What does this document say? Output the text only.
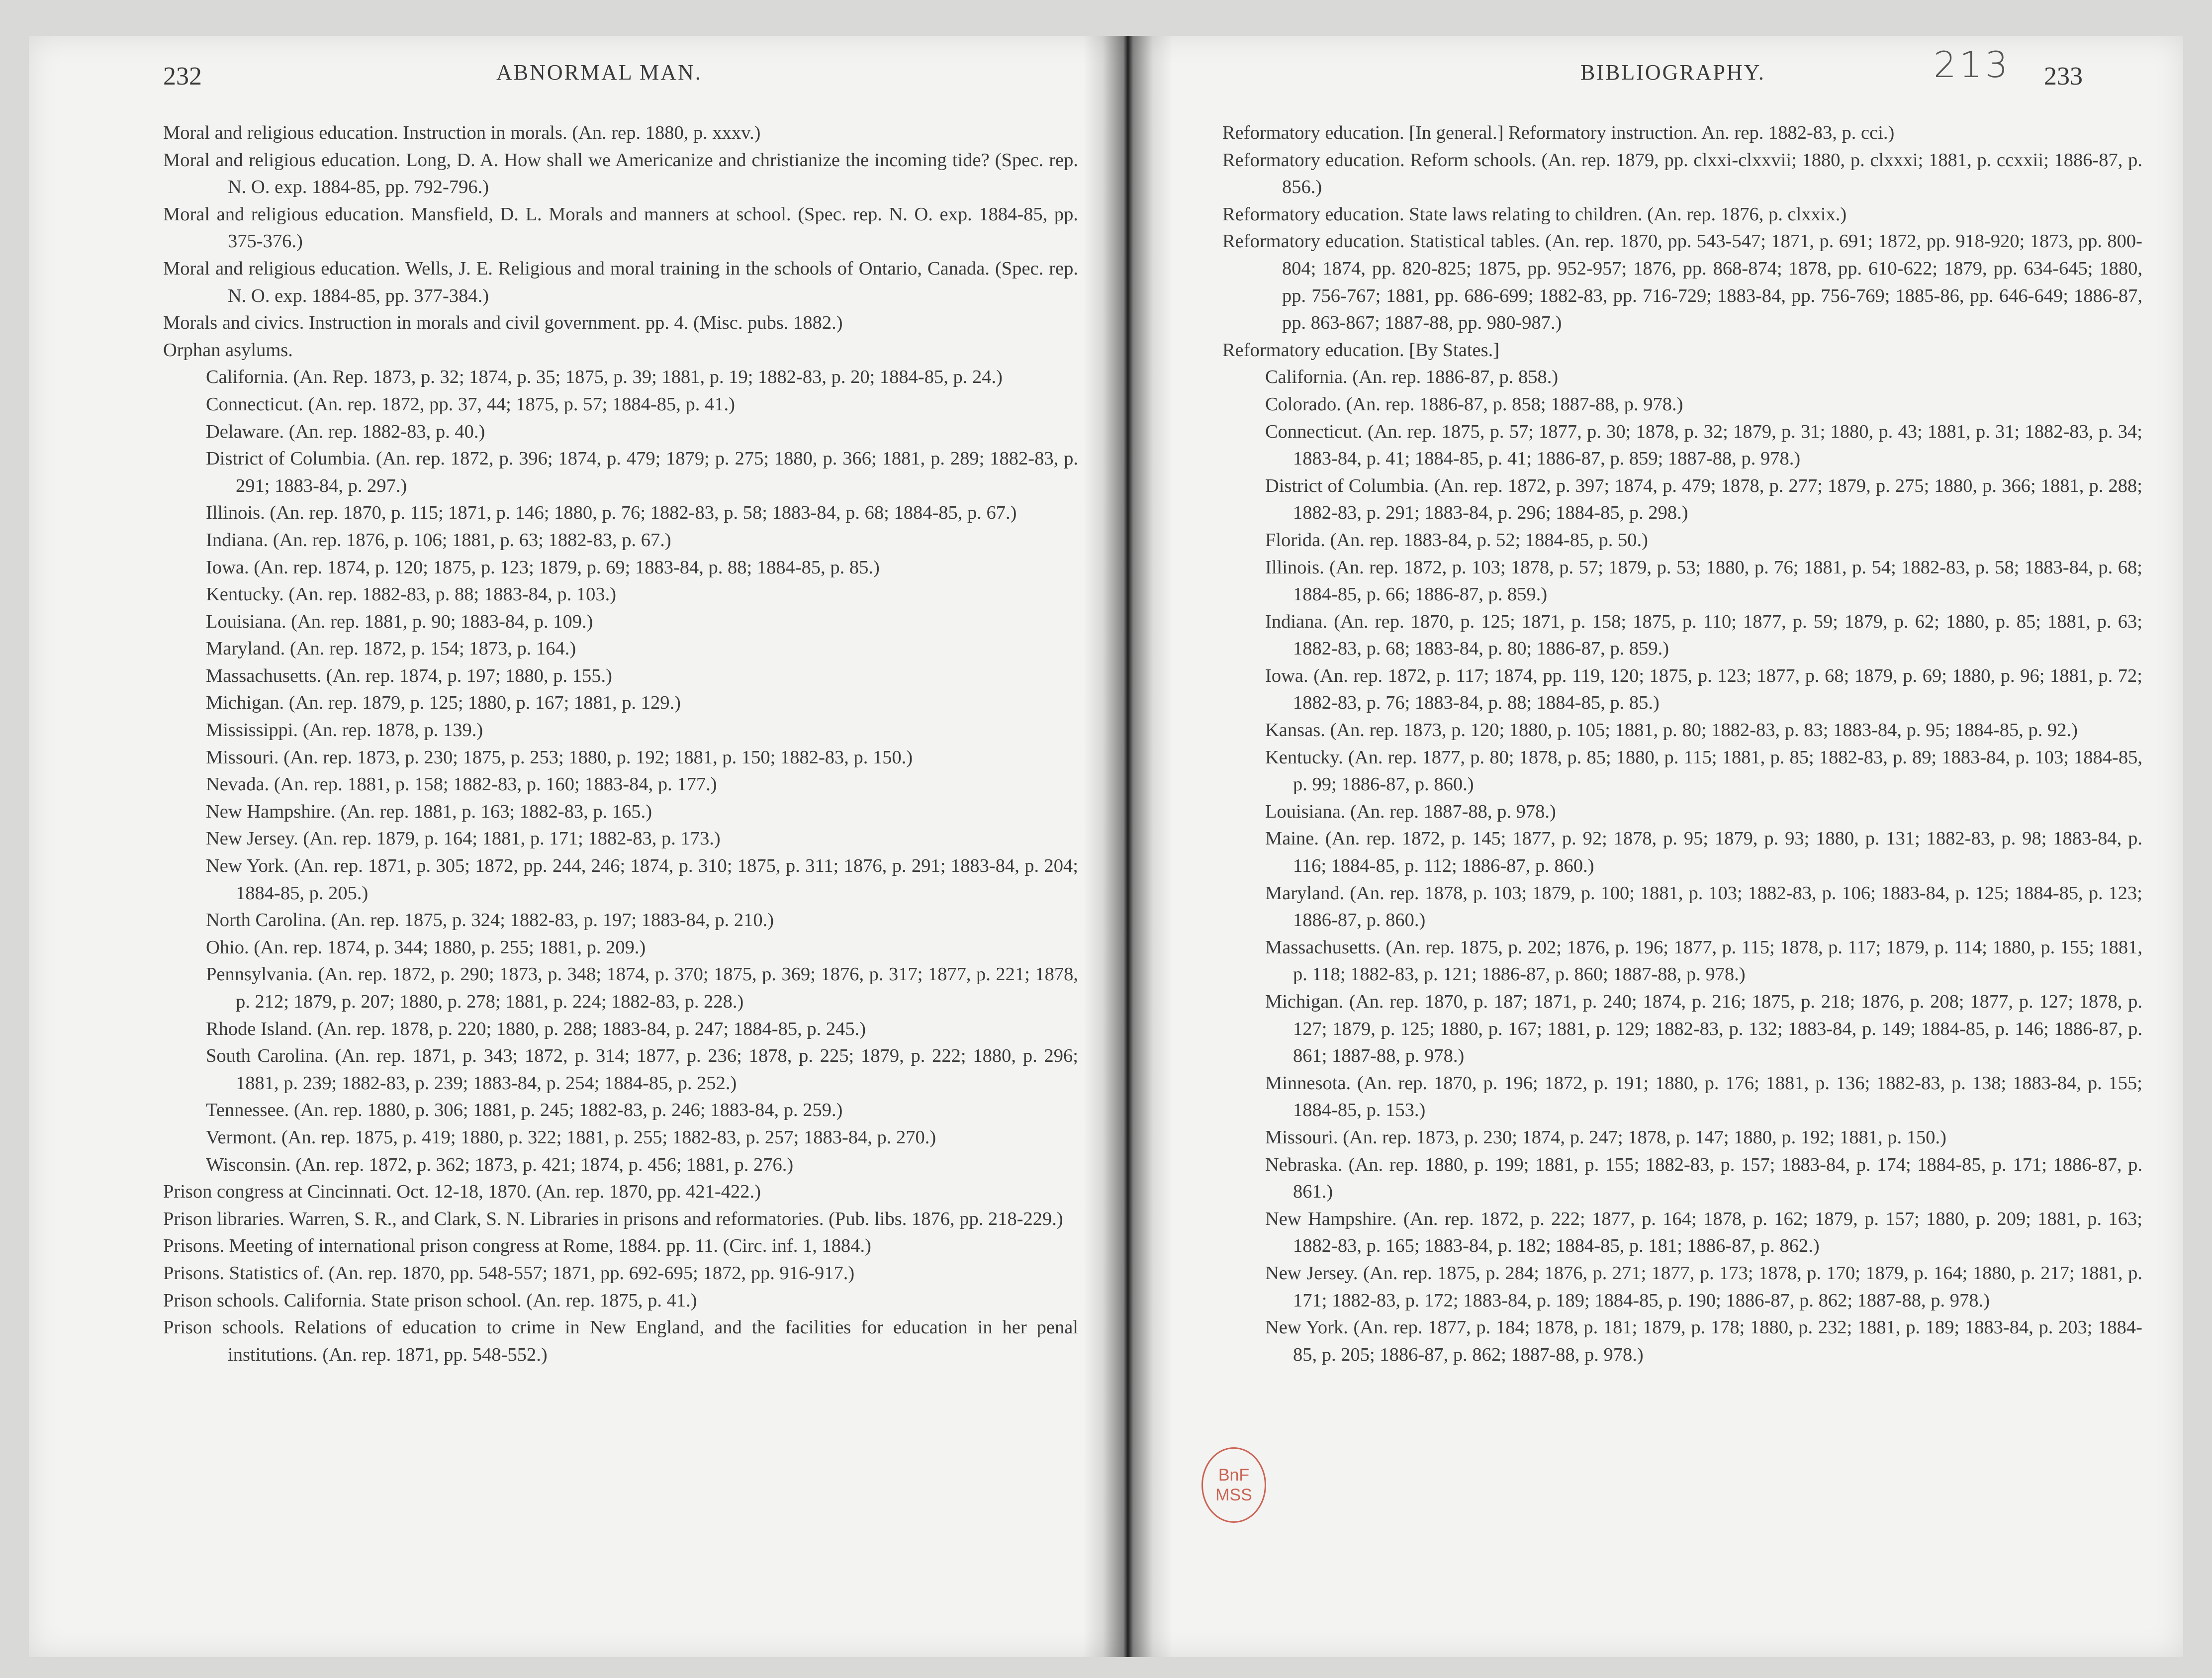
232	ABNORMAL MAN.
Moral and religious education. Instruction in morals. (An. rep. 1880, p. xxxv.)
Moral and religious education. Long, D. A. How shall we Americanize and christianize the incoming tide? (Spec. rep. N. O. exp. 1884-85, pp. 792-796.)
Moral and religious education. Mansfield, D. L. Morals and manners at school. (Spec. rep. N. O. exp. 1884-85, pp. 375-376.)
Moral and religious education. Wells, J. E. Religious and moral training in the schools of Ontario, Canada. (Spec. rep. N. O. exp. 1884-85, pp. 377-384.)
Morals and civics. Instruction in morals and civil government. pp. 4. (Misc. pubs. 1882.)
Orphan asylums.
California. (An. Rep. 1873, p. 32; 1874, p. 35; 1875, p. 39; 1881, p. 19; 1882-83, p. 20; 1884-85, p. 24.)
Connecticut. (An. rep. 1872, pp. 37, 44; 1875, p. 57; 1884-85, p. 41.)
Delaware. (An. rep. 1882-83, p. 40.)
District of Columbia. (An. rep. 1872, p. 396; 1874, p. 479; 1879; p. 275; 1880, p. 366; 1881, p. 289; 1882-83, p. 291; 1883-84, p. 297.)
Illinois. (An. rep. 1870, p. 115; 1871, p. 146; 1880, p. 76; 1882-83, p. 58; 1883-84, p. 68; 1884-85, p. 67.)
Indiana. (An. rep. 1876, p. 106; 1881, p. 63; 1882-83, p. 67.)
Iowa. (An. rep. 1874, p. 120; 1875, p. 123; 1879, p. 69; 1883-84, p. 88; 1884-85, p. 85.)
Kentucky. (An. rep. 1882-83, p. 88; 1883-84, p. 103.)
Louisiana. (An. rep. 1881, p. 90; 1883-84, p. 109.)
Maryland. (An. rep. 1872, p. 154; 1873, p. 164.)
Massachusetts. (An. rep. 1874, p. 197; 1880, p. 155.)
Michigan. (An. rep. 1879, p. 125; 1880, p. 167; 1881, p. 129.)
Mississippi. (An. rep. 1878, p. 139.)
Missouri. (An. rep. 1873, p. 230; 1875, p. 253; 1880, p. 192; 1881, p. 150; 1882-83, p. 150.)
Nevada. (An. rep. 1881, p. 158; 1882-83, p. 160; 1883-84, p. 177.)
New Hampshire. (An. rep. 1881, p. 163; 1882-83, p. 165.)
New Jersey. (An. rep. 1879, p. 164; 1881, p. 171; 1882-83, p. 173.)
New York. (An. rep. 1871, p. 305; 1872, pp. 244, 246; 1874, p. 310; 1875, p. 311; 1876, p. 291; 1883-84, p. 204; 1884-85, p. 205.)
North Carolina. (An. rep. 1875, p. 324; 1882-83, p. 197; 1883-84, p. 210.)
Ohio. (An. rep. 1874, p. 344; 1880, p. 255; 1881, p. 209.)
Pennsylvania. (An. rep. 1872, p. 290; 1873, p. 348; 1874, p. 370; 1875, p. 369; 1876, p. 317; 1877, p. 221; 1878, p. 212; 1879, p. 207; 1880, p. 278; 1881, p. 224; 1882-83, p. 228.)
Rhode Island. (An. rep. 1878, p. 220; 1880, p. 288; 1883-84, p. 247; 1884-85, p. 245.)
South Carolina. (An. rep. 1871, p. 343; 1872, p. 314; 1877, p. 236; 1878, p. 225; 1879, p. 222; 1880, p. 296; 1881, p. 239; 1882-83, p. 239; 1883-84, p. 254; 1884-85, p. 252.)
Tennessee. (An. rep. 1880, p. 306; 1881, p. 245; 1882-83, p. 246; 1883-84, p. 259.)
Vermont. (An. rep. 1875, p. 419; 1880, p. 322; 1881, p. 255; 1882-83, p. 257; 1883-84, p. 270.)
Wisconsin. (An. rep. 1872, p. 362; 1873, p. 421; 1874, p. 456; 1881, p. 276.)
Prison congress at Cincinnati. Oct. 12-18, 1870. (An. rep. 1870, pp. 421-422.)
Prison libraries. Warren, S. R., and Clark, S. N. Libraries in prisons and reformatories. (Pub. libs. 1876, pp. 218-229.)
Prisons. Meeting of international prison congress at Rome, 1884. pp. 11. (Circ. inf. 1, 1884.)
Prisons. Statistics of. (An. rep. 1870, pp. 548-557; 1871, pp. 692-695; 1872, pp. 916-917.)
Prison schools. California. State prison school. (An. rep. 1875, p. 41.)
Prison schools. Relations of education to crime in New England, and the facilities for education in her penal institutions. (An. rep. 1871, pp. 548-552.)
BIBLIOGRAPHY.	213 233
Reformatory education. [In general.] Reformatory instruction. An. rep. 1882-83, p. cci.)
Reformatory education. Reform schools. (An. rep. 1879, pp. clxxi-clxxvii; 1880, p. clxxxi; 1881, p. ccxxii; 1886-87, p. 856.)
Reformatory education. State laws relating to children. (An. rep. 1876, p. clxxix.)
Reformatory education. Statistical tables. (An. rep. 1870, pp. 543-547; 1871, p. 691; 1872, pp. 918-920; 1873, pp. 800-804; 1874, pp. 820-825; 1875, pp. 952-957; 1876, pp. 868-874; 1878, pp. 610-622; 1879, pp. 634-645; 1880, pp. 756-767; 1881, pp. 686-699; 1882-83, pp. 716-729; 1883-84, pp. 756-769; 1885-86, pp. 646-649; 1886-87, pp. 863-867; 1887-88, pp. 980-987.)
Reformatory education. [By States.]
California. (An. rep. 1886-87, p. 858.)
Colorado. (An. rep. 1886-87, p. 858; 1887-88, p. 978.)
Connecticut. (An. rep. 1875, p. 57; 1877, p. 30; 1878, p. 32; 1879, p. 31; 1880, p. 43; 1881, p. 31; 1882-83, p. 34; 1883-84, p. 41; 1884-85, p. 41; 1886-87, p. 859; 1887-88, p. 978.)
District of Columbia. (An. rep. 1872, p. 397; 1874, p. 479; 1878, p. 277; 1879, p. 275; 1880, p. 366; 1881, p. 288; 1882-83, p. 291; 1883-84, p. 296; 1884-85, p. 298.)
Florida. (An. rep. 1883-84, p. 52; 1884-85, p. 50.)
Illinois. (An. rep. 1872, p. 103; 1878, p. 57; 1879, p. 53; 1880, p. 76; 1881, p. 54; 1882-83, p. 58; 1883-84, p. 68; 1884-85, p. 66; 1886-87, p. 859.)
Indiana. (An. rep. 1870, p. 125; 1871, p. 158; 1875, p. 110; 1877, p. 59; 1879, p. 62; 1880, p. 85; 1881, p. 63; 1882-83, p. 68; 1883-84, p. 80; 1886-87, p. 859.)
Iowa. (An. rep. 1872, p. 117; 1874, pp. 119, 120; 1875, p. 123; 1877, p. 68; 1879, p. 69; 1880, p. 96; 1881, p. 72; 1882-83, p. 76; 1883-84, p. 88; 1884-85, p. 85.)
Kansas. (An. rep. 1873, p. 120; 1880, p. 105; 1881, p. 80; 1882-83, p. 83; 1883-84, p. 95; 1884-85, p. 92.)
Kentucky. (An. rep. 1877, p. 80; 1878, p. 85; 1880, p. 115; 1881, p. 85; 1882-83, p. 89; 1883-84, p. 103; 1884-85, p. 99; 1886-87, p. 860.)
Louisiana. (An. rep. 1887-88, p. 978.)
Maine. (An. rep. 1872, p. 145; 1877, p. 92; 1878, p. 95; 1879, p. 93; 1880, p. 131; 1882-83, p. 98; 1883-84, p. 116; 1884-85, p. 112; 1886-87, p. 860.)
Maryland. (An. rep. 1878, p. 103; 1879, p. 100; 1881, p. 103; 1882-83, p. 106; 1883-84, p. 125; 1884-85, p. 123; 1886-87, p. 860.)
Massachusetts. (An. rep. 1875, p. 202; 1876, p. 196; 1877, p. 115; 1878, p. 117; 1879, p. 114; 1880, p. 155; 1881, p. 118; 1882-83, p. 121; 1886-87, p. 860; 1887-88, p. 978.)
Michigan. (An. rep. 1870, p. 187; 1871, p. 240; 1874, p. 216; 1875, p. 218; 1876, p. 208; 1877, p. 127; 1878, p. 127; 1879, p. 125; 1880, p. 167; 1881, p. 129; 1882-83, p. 132; 1883-84, p. 149; 1884-85, p. 146; 1886-87, p. 861; 1887-88, p. 978.)
Minnesota. (An. rep. 1870, p. 196; 1872, p. 191; 1880, p. 176; 1881, p. 136; 1882-83, p. 138; 1883-84, p. 155; 1884-85, p. 153.)
Missouri. (An. rep. 1873, p. 230; 1874, p. 247; 1878, p. 147; 1880, p. 192; 1881, p. 150.)
Nebraska. (An. rep. 1880, p. 199; 1881, p. 155; 1882-83, p. 157; 1883-84, p. 174; 1884-85, p. 171; 1886-87, p. 861.)
New Hampshire. (An. rep. 1872, p. 222; 1877, p. 164; 1878, p. 162; 1879, p. 157; 1880, p. 209; 1881, p. 163; 1882-83, p. 165; 1883-84, p. 182; 1884-85, p. 181; 1886-87, p. 862.)
New Jersey. (An. rep. 1875, p. 284; 1876, p. 271; 1877, p. 173; 1878, p. 170; 1879, p. 164; 1880, p. 217; 1881, p. 171; 1882-83, p. 172; 1883-84, p. 189; 1884-85, p. 190; 1886-87, p. 862; 1887-88, p. 978.)
New York. (An. rep. 1877, p. 184; 1878, p. 181; 1879, p. 178; 1880, p. 232; 1881, p. 189; 1883-84, p. 203; 1884-85, p. 205; 1886-87, p. 862; 1887-88, p. 978.)
BnF
MSS
